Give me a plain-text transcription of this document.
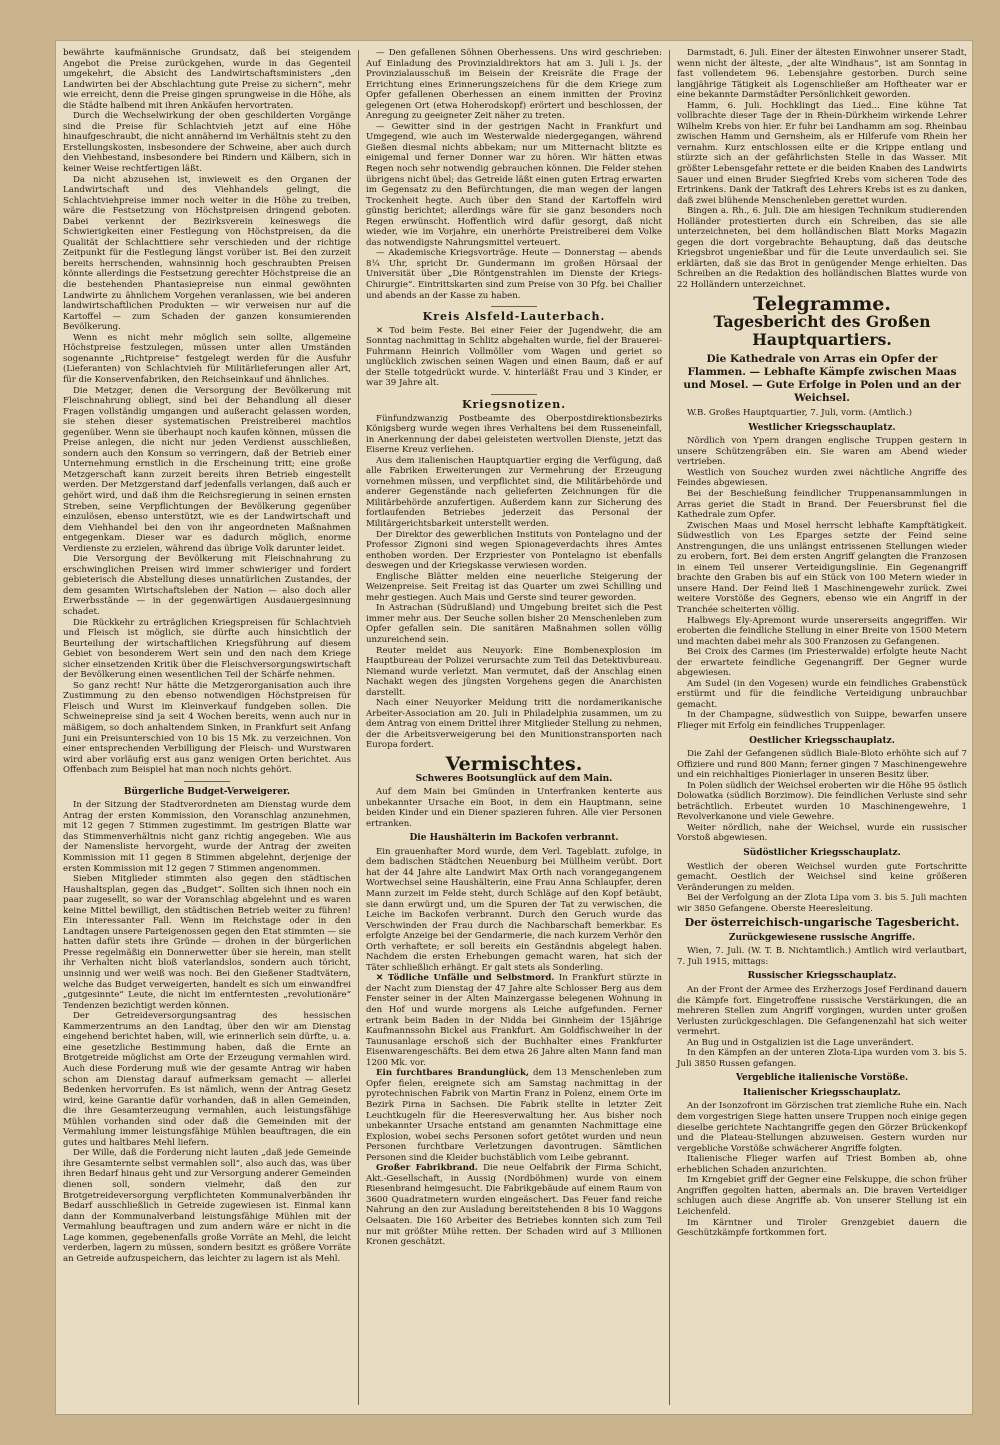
bewährte kaufmännische Grundsatz, daß bei steigendem Angebot die Preise zurückgehen, wurde in das Gegenteil umgekehrt, die Absicht des Landwirtschaftsministers „den Landwirten bei der Abschlachtung gute Preise zu sichern“, mehr wie erreicht, denn die Preise gingen sprungweise in die Höhe, als die Städte halbend mit ihren Ankäufen hervortraten.

Durch die Wechselwirkung der oben geschilderten Vorgänge sind die Preise für Schlachtvieh jetzt auf eine Höhe hinaufgeschraubt, die nicht annähernd im Verhältnis steht zu den Erstellungskosten, insbesondere der Schweine, aber auch durch den Viehbestand, insbesondere bei Rindern und Kälbern, sich in keiner Weise rechtfertigen läßt.

Da nicht abzusehen ist, inwieweit es den Organen der Landwirtschaft und des Viehhandels gelingt, die Schlachtviehpreise immer noch weiter in die Höhe zu treiben, wäre die Festsetzung von Höchstpreisen dringend geboten. Dabei verkennt der Bezirksverein keineswegs die Schwierigkeiten einer Festlegung von Höchstpreisen, da die Qualität der Schlachttiere sehr verschieden und der richtige Zeitpunkt für die Festlegung längst vorüber ist. Bei den zurzeit bereits herrschenden, wahnsinnig hoch geschraubten Preisen könnte allerdings die Festsetzung gerechter Höchstpreise die an die bestehenden Phantasiepreise nun einmal gewöhnten Landwirte zu ähnlichem Vorgehen veranlassen, wie bei anderen landwirtschaftlichen Produkten — wir verweisen nur auf die Kartoffel — zum Schaden der ganzen konsumierenden Bevölkerung.

Wenn es nicht mehr möglich sein sollte, allgemeine Höchstpreise festzulegen, müssen unter allen Umständen sogenannte „Richtpreise“ festgelegt werden für die Ausfuhr (Lieferanten) von Schlachtvieh für Militärlieferungen aller Art, für die Konservenfabriken, den Reichseinkauf und ähnliches.

Die Metzger, denen die Versorgung der Bevölkerung mit Fleischnahrung obliegt, sind bei der Behandlung all dieser Fragen vollständig umgangen und außeracht gelassen worden, sie stehen dieser systematischen Preistreiberei machtlos gegenüber. Wenn sie überhaupt noch kaufen können, müssen die Preise anlegen, die nicht nur jeden Verdienst ausschließen, sondern auch den Konsum so verringern, daß der Betrieb einer Unternehmung ernstlich in die Erscheinung tritt; eine große Metzgerschaft kann zurzeit bereits ihren Betrieb eingestellt werden. Der Metzgerstand darf jedenfalls verlangen, daß auch er gehört wird, und daß ihm die Reichsregierung in seinen ernsten Streben, seine Verpflichtungen der Bevölkerung gegenüber einzulösen, ebenso unterstützt, wie es der Landwirtschaft und dem Viehhandel bei den von ihr angeordneten Maßnahmen entgegenkam. Dieser war es dadurch möglich, enorme Verdienste zu erzielen, während das übrige Volk darunter leidet.

Die Versorgung der Bevölkerung mit Fleischnahrung zu erschwinglichen Preisen wird immer schwieriger und fordert gebieterisch die Abstellung dieses unnatürlichen Zustandes, der dem gesamten Wirtschaftsleben der Nation — also doch aller Erwerbsstände — in der gegenwärtigen Ausdauergesinnung schadet.

Die Rückkehr zu erträglichen Kriegspreisen für Schlachtvieh und Fleisch ist möglich, sie dürfte auch hinsichtlich der Beurteilung der wirtschaftlichen Kriegsführung auf diesem Gebiet von besonderem Wert sein und den nach dem Kriege sicher einsetzenden Kritik über die Fleischversorgungswirtschaft der Bevölkerung einen wesentlichen Teil der Schärfe nehmen.

So ganz recht! Nur hätte die Metzgerorganisation auch ihre Zustimmung zu den ebenso notwendigen Höchstpreisen für Fleisch und Wurst im Kleinverkauf fundgeben sollen. Die Schweinepreise sind ja seit 4 Wochen bereits, wenn auch nur in mäßigem, so doch anhaltendem Sinken, in Frankfurt seit Anfang Juni ein Preisunterschied von 10 bis 15 Mk. zu verzeichnen. Von einer entsprechenden Verbilligung der Fleisch- und Wurstwaren wird aber vorläufig erst aus ganz wenigen Orten berichtet. Aus Offenbach zum Beispiel hat man noch nichts gehört.

Bürgerliche Budget-Verweigerer.

In der Sitzung der Stadtverordneten am Dienstag wurde dem Antrag der ersten Kommission, den Voranschlag anzunehmen, mit 12 gegen 7 Stimmen zugestimmt. Im gestrigen Blatte war das Stimmenverhältnis nicht ganz richtig angegeben. Wie aus der Namensliste hervorgeht, wurde der Antrag der zweiten Kommission mit 11 gegen 8 Stimmen abgelehnt, derjenige der ersten Kommission mit 12 gegen 7 Stimmen angenommen.

Sieben Mitglieder stimmten also gegen den städtischen Haushaltsplan, gegen das „Budget“. Sollten sich ihnen noch ein paar zugesellt, so war der Voranschlag abgelehnt und es waren keine Mittel bewilligt, den städtischen Betrieb weiter zu führen! Ein interessanter Fall. Wenn im Reichstage oder in den Landtagen unsere Parteigenossen gegen den Etat stimmten — sie hatten dafür stets ihre Gründe — drohen in der bürgerlichen Presse regelmäßig ein Donnerwetter über sie herein, man stellt ihr Verhalten nicht bloß vaterlandslos, sondern auch töricht, unsinnig und wer weiß was noch. Bei den Gießener Stadtvätern, welche das Budget verweigerten, handelt es sich um einwandfrei „gutgesinnte“ Leute, die nicht im entferntesten „revolutionäre“ Tendenzen bezichtigt werden können.

Der Getreideversorgungsantrag des hessischen Kammerzentrums an den Landtag, über den wir am Dienstag eingehend berichtet haben, will, wie erinnerlich sein dürfte, u. a. eine gesetzliche Bestimmung haben, daß die Ernte an Brotgetreide möglichst am Orte der Erzeugung vermahlen wird. Auch diese Forderung muß wie der gesamte Antrag wir haben schon am Dienstag darauf aufmerksam gemacht — allerlei Bedenken hervorrufen. Es ist nämlich, wenn der Antrag Gesetz wird, keine Garantie dafür vorhanden, daß in allen Gemeinden, die ihre Gesamterzeugung vermahlen, auch leistungsfähige Mühlen vorhanden sind oder daß die Gemeinden mit der Vermahlung immer leistungsfähige Mühlen beauftragen, die ein gutes und haltbares Mehl liefern.

Der Wille, daß die Forderung nicht lauten „daß jede Gemeinde ihre Gesamternte selbst vermahlen soll“, also auch das, was über ihren Bedarf hinaus geht und zur Versorgung anderer Gemeinden dienen soll, sondern vielmehr, daß den zur Brotgetreideversorgung verpflichteten Kommunalverbänden ihr Bedarf ausschließlich in Getreide zugewiesen ist. Einmal kann dann der Kommunalverband leistungsfähige Mühlen mit der Vermahlung beauftragen und zum andern wäre er nicht in die Lage kommen, gegebenenfalls große Vorräte an Mehl, die leicht verderben, lagern zu müssen, sondern besitzt es größere Vorräte an Getreide aufzuspeichern, das leichter zu lagern ist als Mehl.

— Den gefallenen Söhnen Oberhessens. Uns wird geschrieben: Auf Einladung des Provinzialdirektors hat am 3. Juli i. Js. der Provinzialausschuß im Beisein der Kreisräte die Frage der Errichtung eines Erinnerungszeichens für die dem Kriege zum Opfer gefallenen Oberhessen an einem inmitten der Provinz gelegenen Ort (etwa Hoherodskopf) erörtert und beschlossen, der Anregung zu geeigneter Zeit näher zu treten.

— Gewitter sind in der gestrigen Nacht in Frankfurt und Umgegend, wie auch im Westerwalde niedergegangen, während Gießen diesmal nichts abbekam; nur um Mitternacht blitzte es einigemal und ferner Donner war zu hören. Wir hätten etwas Regen noch sehr notwendig gebrauchen können. Die Felder stehen übrigens nicht übel; das Getreide läßt einen guten Ertrag erwarten im Gegensatz zu den Befürchtungen, die man wegen der langen Trockenheit hegte. Auch über den Stand der Kartoffeln wird günstig berichtet; allerdings wäre für sie ganz besonders noch Regen erwünscht. Hoffentlich wird dafür gesorgt, daß nicht wieder, wie im Vorjahre, ein unerhörte Preistreiberei dem Volke das notwendigste Nahrungsmittel verteuert.

— Akademische Kriegsvorträge. Heute — Donnerstag — abends 8¼ Uhr, spricht Dr. Gundermann im großen Hörsaal der Universität über „Die Röntgenstrahlen im Dienste der Kriegs-Chirurgie“. Eintrittskarten sind zum Preise von 30 Pfg. bei Challier und abends an der Kasse zu haben.

Kreis Alsfeld-Lauterbach.

✕ Tod beim Feste. Bei einer Feier der Jugendwehr, die am Sonntag nachmittag in Schlitz abgehalten wurde, fiel der Brauerei-Fuhrmann Heinrich Vollmöller vom Wagen und geriet so unglücklich zwischen seinen Wagen und einen Baum, daß er auf der Stelle totgedrückt wurde. V. hinterläßt Frau und 3 Kinder, er war 39 Jahre alt.

Kriegsnotizen.

Fünfundzwanzig Postbeamte des Oberpostdirektionsbezirks Königsberg wurde wegen ihres Verhaltens bei dem Russeneinfall, in Anerkennung der dabei geleisteten wertvollen Dienste, jetzt das Eiserne Kreuz verliehen.

Aus dem italienischen Hauptquartier erging die Verfügung, daß alle Fabriken Erweiterungen zur Vermehrung der Erzeugung vornehmen müssen, und verpflichtet sind, die Militärbehörde und anderer Gegenstände nach gelieferten Zeichnungen für die Militärbehörde anzufertigen. Außerdem kann zur Sicherung des fortlaufenden Betriebes jederzeit das Personal der Militärgerichtsbarkeit unterstellt werden.

Der Direktor des gewerblichen Instituts von Pontelagno und der Professor Zignoni sind wegen Spionageverdachts ihres Amtes enthoben worden. Der Erzpriester von Pontelagno ist ebenfalls deswegen und der Kriegskasse verwiesen worden.

Englische Blätter melden eine neuerliche Steigerung der Weizenpreise. Seit Freitag ist das Quarter um zwei Schilling und mehr gestiegen. Auch Mais und Gerste sind teurer geworden.

In Astrachan (Südrußland) und Umgebung breitet sich die Pest immer mehr aus. Der Seuche sollen bisher 20 Menschenleben zum Opfer gefallen sein. Die sanitären Maßnahmen sollen völlig unzureichend sein.

Reuter meldet aus Neuyork: Eine Bombenexplosion im Hauptbureau der Polizei verursachte zum Teil das Detektivbureau. Niemand wurde verletzt. Man vermutet, daß der Anschlag einen Nachakt wegen des jüngsten Vorgehens gegen die Anarchisten darstellt.

Nach einer Neuyorker Meldung tritt die nordamerikanische Arbeiter-Association am 20. Juli in Philadelphia zusammen, um zu dem Antrag von einem Drittel ihrer Mitglieder Stellung zu nehmen, der die Arbeitsverweigerung bei den Munitionstransporten nach Europa fordert.

Vermischtes.
Schweres Bootsunglück auf dem Main.

Auf dem Main bei Gmünden in Unterfranken kenterte aus unbekannter Ursache ein Boot, in dem ein Hauptmann, seine beiden Kinder und ein Diener spazieren fuhren. Alle vier Personen ertranken.

Die Haushälterin im Backofen verbrannt.

Ein grauenhafter Mord wurde, dem Verl. Tageblatt. zufolge, in dem badischen Städtchen Neuenburg bei Müllheim verübt. Dort hat der 44 Jahre alte Landwirt Max Orth nach vorangegangenem Wortwechsel seine Haushälterin, eine Frau Anna Schlaupfer, deren Mann zurzeit im Felde steht, durch Schläge auf den Kopf betäubt, sie dann erwürgt und, um die Spuren der Tat zu verwischen, die Leiche im Backofen verbrannt. Durch den Geruch wurde das Verschwinden der Frau durch die Nachbarschaft bemerkbar. Es erfolgte Anzeige bei der Gendarmerie, die nach kurzem Verhör den Orth verhaftete; er soll bereits ein Geständnis abgelegt haben. Nachdem die ersten Erhebungen gemacht waren, hat sich der Täter schließlich erhängt. Er galt stets als Sonderling.

✕ Tödliche Unfälle und Selbstmord. In Frankfurt stürzte in der Nacht zum Dienstag der 47 Jahre alte Schlosser Berg aus dem Fenster seiner in der Alten Mainzergasse belegenen Wohnung in den Hof und wurde morgens als Leiche aufgefunden. Ferner ertrank beim Baden in der Nidda bei Ginnheim der 15jährige Kaufmannssohn Bickel aus Frankfurt. Am Goldfischweiher in der Taunusanlage erschoß sich der Buchhalter eines Frankfurter Eisenwarengeschäfts. Bei dem etwa 26 Jahre alten Mann fand man 1200 Mk. vor.

Ein furchtbares Brandunglück, dem 13 Menschenleben zum Opfer fielen, ereignete sich am Samstag nachmittag in der pyrotechnischen Fabrik von Martin Franz in Polenz, einem Orte im Bezirk Pirna in Sachsen. Die Fabrik stellte in letzter Zeit Leuchtkugeln für die Heeresverwaltung her. Aus bisher noch unbekannter Ursache entstand am genannten Nachmittage eine Explosion, wobei sechs Personen sofort getötet wurden und neun Personen furchtbare Verletzungen davontrugen. Sämtlichen Personen sind die Kleider buchstäblich vom Leibe gebrannt.

Großer Fabrikbrand. Die neue Oelfabrik der Firma Schicht, Akt.-Gesellschaft, in Aussig (Nordböhmen) wurde von einem Riesenbrand heimgesucht. Die Fabrikgebäude auf einem Raum von 3600 Quadratmetern wurden eingeäschert. Das Feuer fand reiche Nahrung an den zur Ausladung bereitstehenden 8 bis 10 Waggons Oelsaaten. Die 160 Arbeiter des Betriebes konnten sich zum Teil nur mit größter Mühe retten. Der Schaden wird auf 3 Millionen Kronen geschätzt.

Darmstadt, 6. Juli. Einer der ältesten Einwohner unserer Stadt, wenn nicht der älteste, „der alte Windhaus“, ist am Sonntag in fast vollendetem 96. Lebensjahre gestorben. Durch seine langjährige Tätigkeit als Logenschließer am Hoftheater war er eine bekannte Darmstädter Persönlichkeit geworden.

Hamm, 6. Juli. Hochklingt das Lied... Eine kühne Tat vollbrachte dieser Tage der in Rhein-Dürkheim wirkende Lehrer Wilhelm Krebs von hier. Er fuhr bei Landhamm am sog. Rheinbau zwischen Hamm und Gernsheim, als er Hilferufe vom Rhein her vernahm. Kurz entschlossen eilte er die Krippe entlang und stürzte sich an der gefährlichsten Stelle in das Wasser. Mit größter Lebensgefahr rettete er die beiden Knaben des Landwirts Sauer und einen Bruder Siegfried Krebs vom sicheren Tode des Ertrinkens. Dank der Tatkraft des Lehrers Krebs ist es zu danken, daß zwei blühende Menschenleben gerettet wurden.

Bingen a. Rh., 6. Juli. Die am hiesigen Technikum studierenden Holländer protestierten durch ein Schreiben, das sie alle unterzeichneten, bei dem holländischen Blatt Morks Magazin gegen die dort vorgebrachte Behauptung, daß das deutsche Kriegsbrot ungenießbar und für die Leute unverdaulich sei. Sie erklärten, daß sie das Brot in genügender Menge erhielten. Das Schreiben an die Redaktion des holländischen Blattes wurde von 22 Holländern unterzeichnet.

Telegramme.
Tagesbericht des Großen Hauptquartiers.
Die Kathedrale von Arras ein Opfer der Flammen. — Lebhafte Kämpfe zwischen Maas und Mosel. — Gute Erfolge in Polen und an der Weichsel.

W.B. Großes Hauptquartier, 7. Juli, vorm. (Amtlich.)

Westlicher Kriegsschauplatz.

Nördlich von Ypern drangen englische Truppen gestern in unsere Schützengräben ein. Sie waren am Abend wieder vertrieben.

Westlich von Souchez wurden zwei nächtliche Angriffe des Feindes abgewiesen.

Bei der Beschießung feindlicher Truppenansammlungen in Arras geriet die Stadt in Brand. Der Feuersbrunst fiel die Kathedrale zum Opfer.

Zwischen Maas und Mosel herrscht lebhafte Kampftätigkeit. Südwestlich von Les Eparges setzte der Feind seine Anstrengungen, die uns unlängst entrissenen Stellungen wieder zu erobern, fort. Bei dem ersten Angriff gelangten die Franzosen in einem Teil unserer Verteidigungslinie. Ein Gegenangriff brachte den Graben bis auf ein Stück von 100 Metern wieder in unsere Hand. Der Feind ließ 1 Maschinengewehr zurück. Zwei weitere Vorstöße des Gegners, ebenso wie ein Angriff in der Tranchée scheiterten völlig.

Halbwegs Ely-Apremont wurde unsererseits angegriffen. Wir eroberten die feindliche Stellung in einer Breite von 1500 Metern und machten dabei mehr als 300 Franzosen zu Gefangenen.

Bei Croix des Carmes (im Priesterwalde) erfolgte heute Nacht der erwartete feindliche Gegenangriff. Der Gegner wurde abgewiesen.

Am Sudel (in den Vogesen) wurde ein feindliches Grabenstück erstürmt und für die feindliche Verteidigung unbrauchbar gemacht.

In der Champagne, südwestlich von Suippe, bewarfen unsere Flieger mit Erfolg ein feindliches Truppenlager.

Oestlicher Kriegsschauplatz.

Die Zahl der Gefangenen südlich Biale-Bloto erhöhte sich auf 7 Offiziere und rund 800 Mann; ferner gingen 7 Maschinengewehre und ein reichhaltiges Pionierlager in unseren Besitz über.

In Polen südlich der Weichsel eroberten wir die Höhe 95 östlich Dolowatka (südlich Borzimow). Die feindlichen Verluste sind sehr beträchtlich. Erbeutet wurden 10 Maschinengewehre, 1 Revolverkanone und viele Gewehre.

Weiter nördlich, nahe der Weichsel, wurde ein russischer Vorstoß abgewiesen.

Südöstlicher Kriegsschauplatz.

Westlich der oberen Weichsel wurden gute Fortschritte gemacht. Oestlich der Weichsel sind keine größeren Veränderungen zu melden.

Bei der Verfolgung an der Zlota Lipa vom 3. bis 5. Juli machten wir 3850 Gefangene. Oberste Heeresleitung.

Der österreichisch-ungarische Tagesbericht.
Zurückgewiesene russische Angriffe.

Wien, 7. Juli. (W. T. B. Nichtamtlich.) Amtlich wird verlautbart, 7. Juli 1915, mittags:

Russischer Kriegsschauplatz.

An der Front der Armee des Erzherzogs Josef Ferdinand dauern die Kämpfe fort. Eingetroffene russische Verstärkungen, die an mehreren Stellen zum Angriff vorgingen, wurden unter großen Verlusten zurückgeschlagen. Die Gefangenenzahl hat sich weiter vermehrt.

An Bug und in Ostgalizien ist die Lage unverändert.

In den Kämpfen an der unteren Zlota-Lipa wurden vom 3. bis 5. Juli 3850 Russen gefangen.

Vergebliche italienische Vorstöße.
Italienischer Kriegsschauplatz.

An der Isonzofront im Görzischen trat ziemliche Ruhe ein. Nach dem vorgestrigen Siege hatten unsere Truppen noch einige gegen dieselbe gerichtete Nachtangriffe gegen den Görzer Brückenkopf und die Plateau-Stellungen abzuweisen. Gestern wurden nur vergebliche Vorstöße schwächerer Angriffe folgten.

Italienische Flieger warfen auf Triest Bomben ab, ohne erheblichen Schaden anzurichten.

Im Krngebiet griff der Gegner eine Felskuppe, die schon früher Angriffen gegolten hatten, abermals an. Die braven Verteidiger schlugen auch diese Angriffe ab. Von unserer Stellung ist ein Leichenfeld.

Im Kärntner und Tiroler Grenzgebiet dauern die Geschützkämpfe fortkommen fort.
